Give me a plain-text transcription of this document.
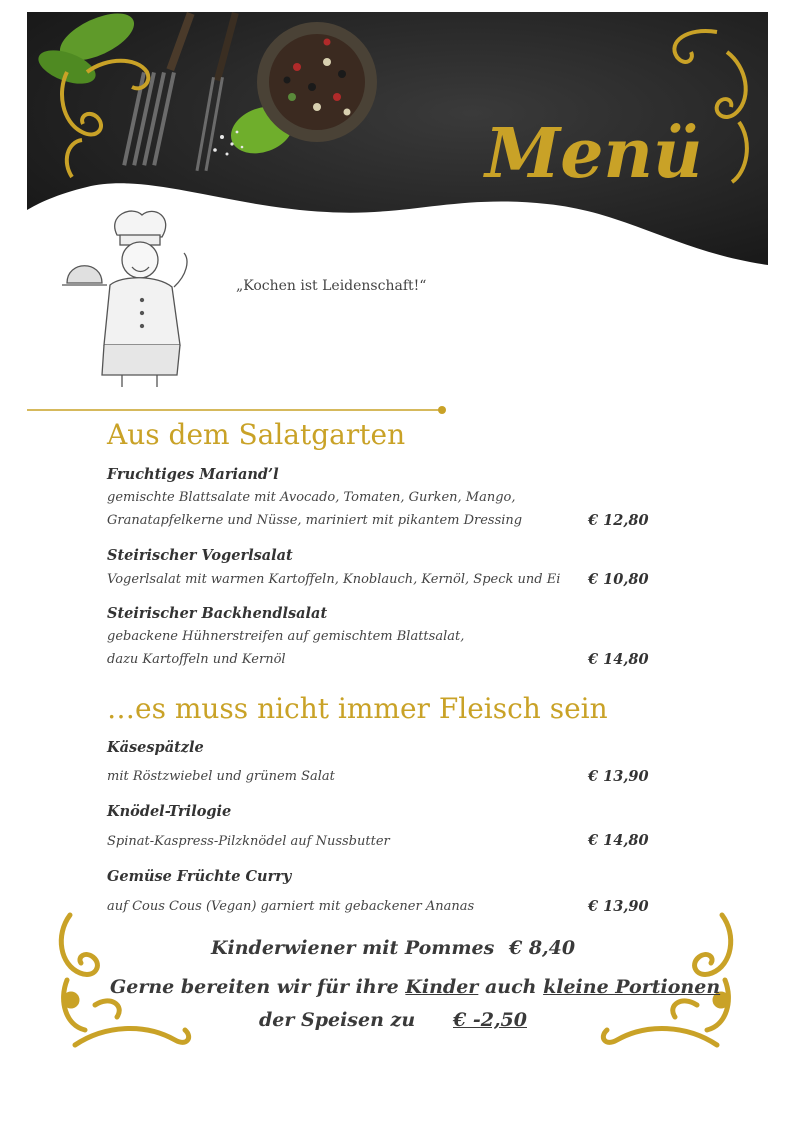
Menü
„Kochen ist Leidenschaft!“
Aus dem Salatgarten
Fruchtiges Mariand’l
gemischte Blattsalate mit Avocado, Tomaten, Gurken, Mango,
Granatapfelkerne und Nüsse, mariniert mit pikantem Dressing	€ 12,80
Steirischer Vogerlsalat
Vogerlsalat mit warmen Kartoffeln, Knoblauch, Kernöl, Speck und Ei € 10,80
Steirischer Backhendlsalat
gebackene Hühnerstreifen auf gemischtem Blattsalat,
dazu Kartoffeln und Kernöl	€ 14,80
…es muss nicht immer Fleisch sein
Käsespätzle
mit Röstzwiebel und grünem Salat	€ 13,90
Knödel-Trilogie
Spinat-Kaspress-Pilzknödel auf Nussbutter	€ 14,80
Gemüse Früchte Curry
auf Cous Cous (Vegan) garniert mit gebackener Ananas	€ 13,90
Kinderwiener mit Pommes € 8,40
Gerne bereiten wir für ihre Kinder auch kleine Portionen
der Speisen zu € -2,50
